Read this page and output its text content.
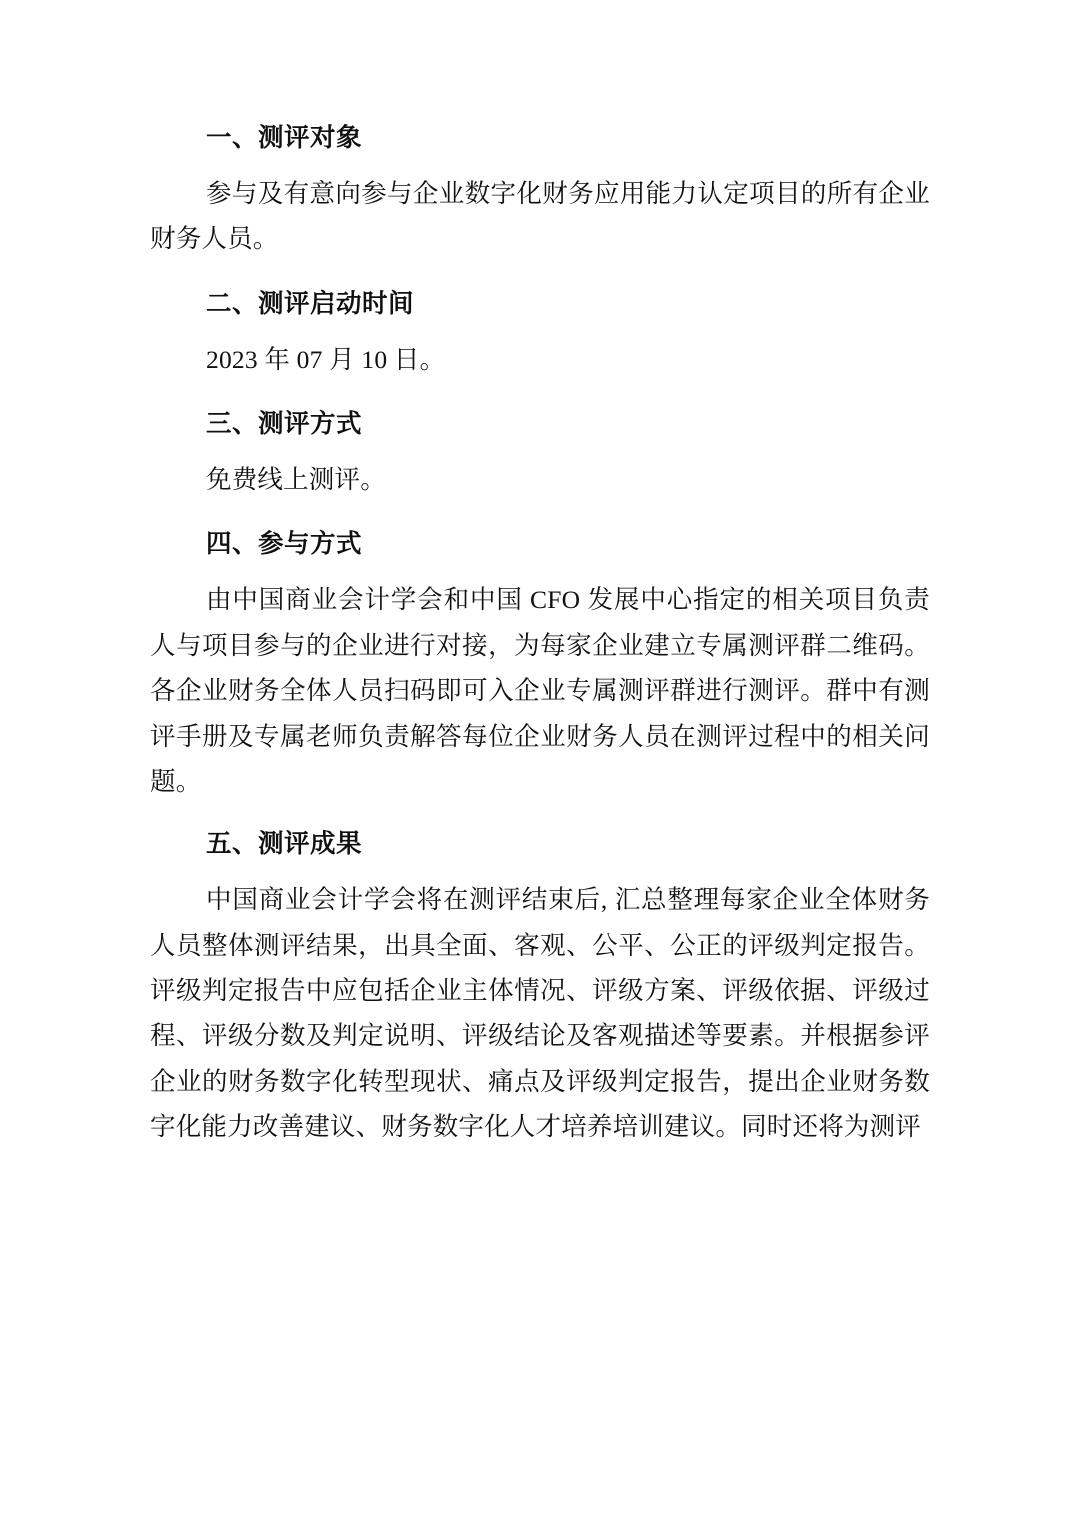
一、测评对象

参与及有意向参与企业数字化财务应用能力认定项目的所有企业财务人员。

二、测评启动时间

2023 年 07 月 10 日。

三、测评方式

免费线上测评。

四、参与方式

由中国商业会计学会和中国 CFO 发展中心指定的相关项目负责人与项目参与的企业进行对接，为每家企业建立专属测评群二维码。各企业财务全体人员扫码即可入企业专属测评群进行测评。群中有测评手册及专属老师负责解答每位企业财务人员在测评过程中的相关问题。

五、测评成果

中国商业会计学会将在测评结束后, 汇总整理每家企业全体财务人员整体测评结果，出具全面、客观、公平、公正的评级判定报告。评级判定报告中应包括企业主体情况、评级方案、评级依据、评级过程、评级分数及判定说明、评级结论及客观描述等要素。并根据参评企业的财务数字化转型现状、痛点及评级判定报告，提出企业财务数字化能力改善建议、财务数字化人才培养培训建议。同时还将为测评
